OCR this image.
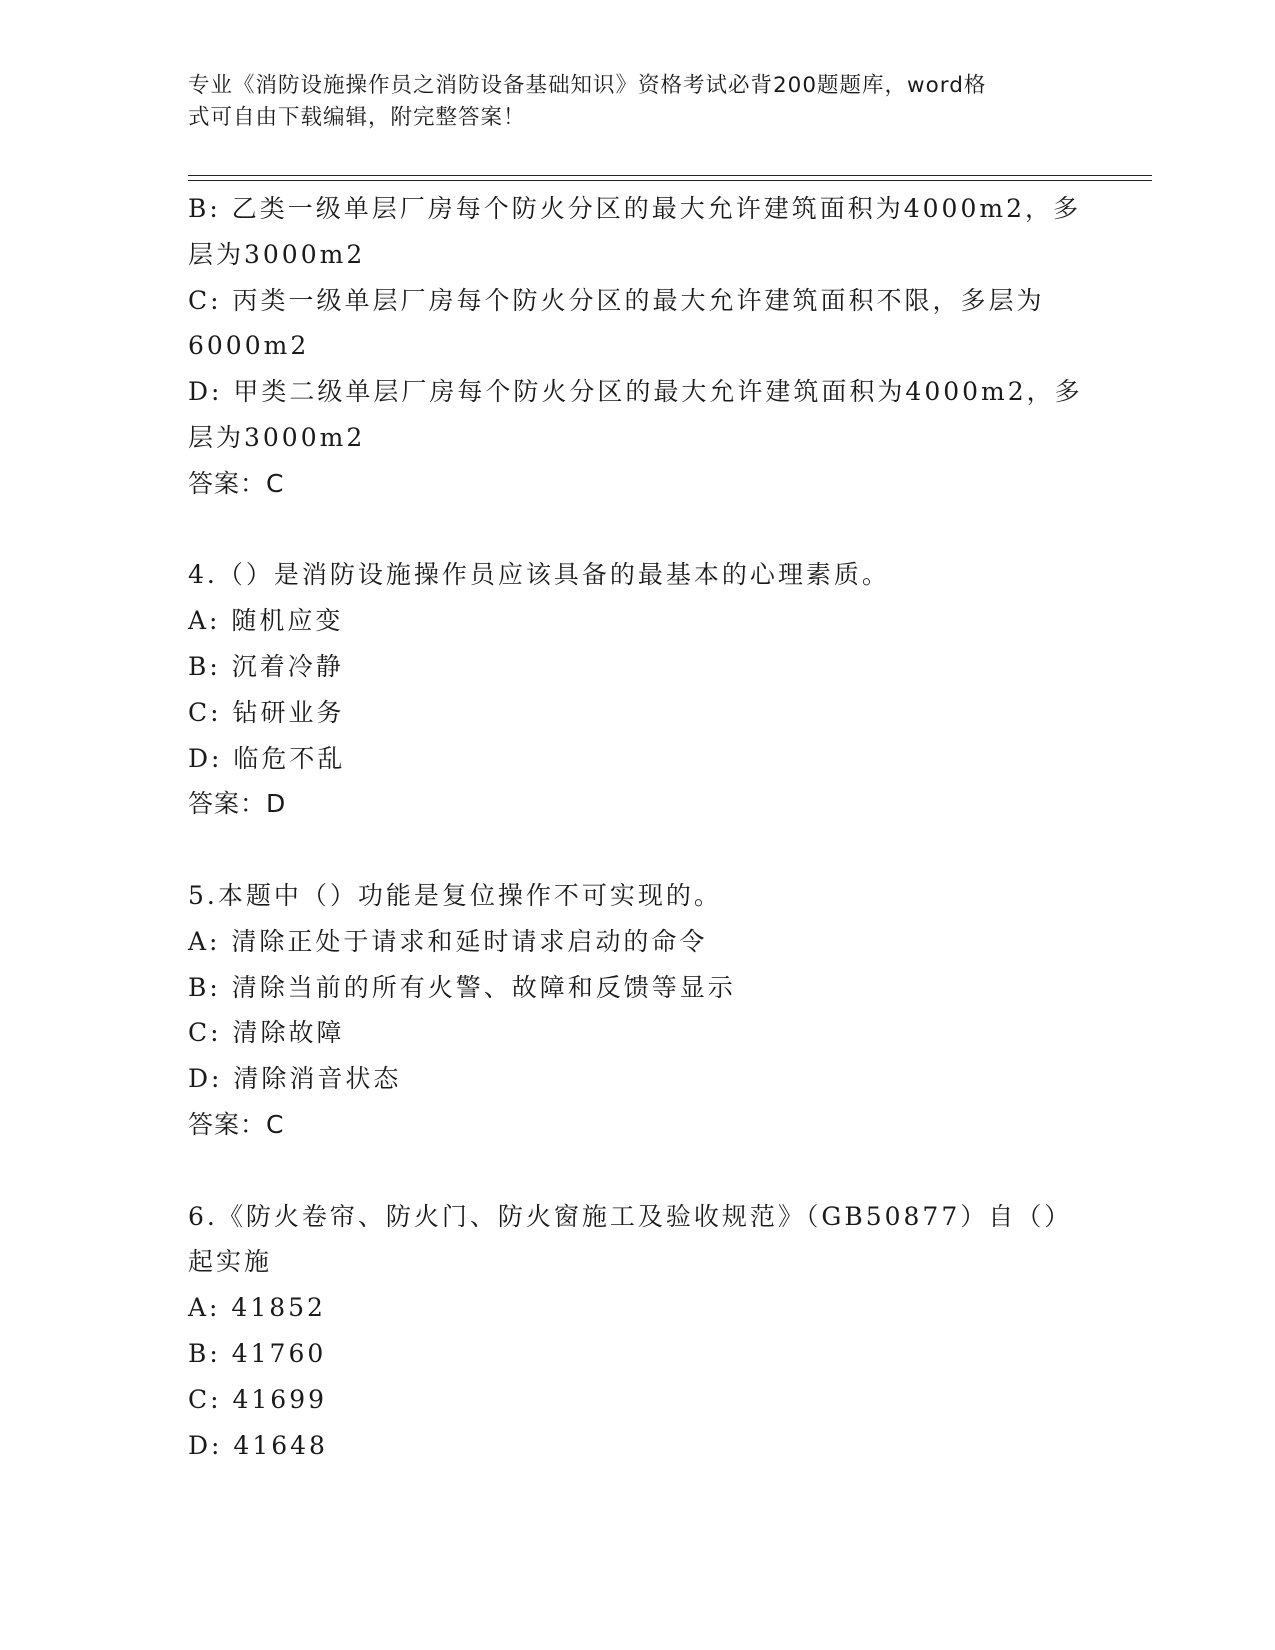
专业《消防设施操作员之消防设备基础知识》资格考试必背200题题库，word格
式可自由下载编辑，附完整答案！
B: 乙类一级单层厂房每个防火分区的最大允许建筑面积为4000m2，多
层为3000m2
C: 丙类一级单层厂房每个防火分区的最大允许建筑面积不限，多层为
6000m2
D: 甲类二级单层厂房每个防火分区的最大允许建筑面积为4000m2，多
层为3000m2
答案：C
4.（）是消防设施操作员应该具备的最基本的心理素质。
A: 随机应变
B: 沉着冷静
C: 钻研业务
D: 临危不乱
答案：D
5.本题中（）功能是复位操作不可实现的。
A: 清除正处于请求和延时请求启动的命令
B: 清除当前的所有火警、故障和反馈等显示
C: 清除故障
D: 清除消音状态
答案：C
6.《防火卷帘、防火门、防火窗施工及验收规范》（GB50877）自（）
起实施
A: 41852
B: 41760
C: 41699
D: 41648
